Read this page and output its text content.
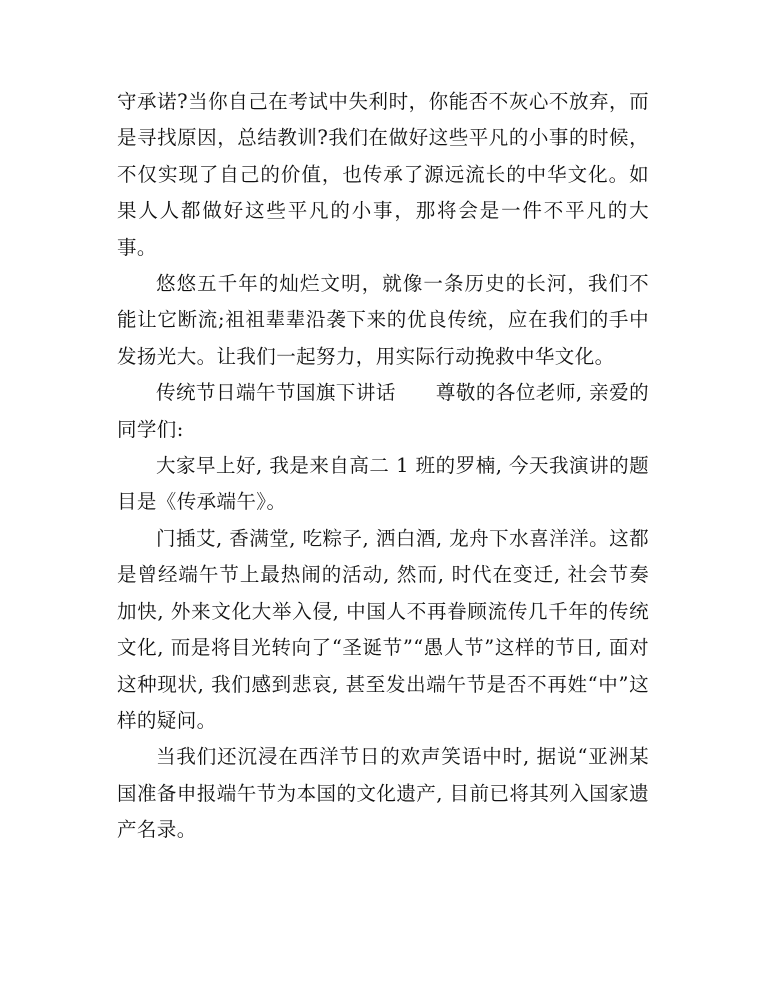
守承诺?当你自己在考试中失利时，你能否不灰心不放弃，而是寻找原因，总结教训?我们在做好这些平凡的小事的时候，不仅实现了自己的价值，也传承了源远流长的中华文化。如果人人都做好这些平凡的小事，那将会是一件不平凡的大事。

悠悠五千年的灿烂文明，就像一条历史的长河，我们不能让它断流;祖祖辈辈沿袭下来的优良传统，应在我们的手中发扬光大。让我们一起努力，用实际行动挽救中华文化。

传统节日端午节国旗下讲话　　尊敬的各位老师, 亲爱的同学们:

大家早上好, 我是来自高二 1 班的罗楠, 今天我演讲的题目是《传承端午》。

门插艾, 香满堂, 吃粽子, 洒白酒, 龙舟下水喜洋洋。这都是曾经端午节上最热闹的活动, 然而, 时代在变迁, 社会节奏加快, 外来文化大举入侵, 中国人不再眷顾流传几千年的传统文化, 而是将目光转向了“圣诞节”“愚人节”这样的节日, 面对这种现状, 我们感到悲哀, 甚至发出端午节是否不再姓“中”这样的疑问。

当我们还沉浸在西洋节日的欢声笑语中时, 据说“亚洲某国准备申报端午节为本国的文化遗产, 目前已将其列入国家遗产名录。
